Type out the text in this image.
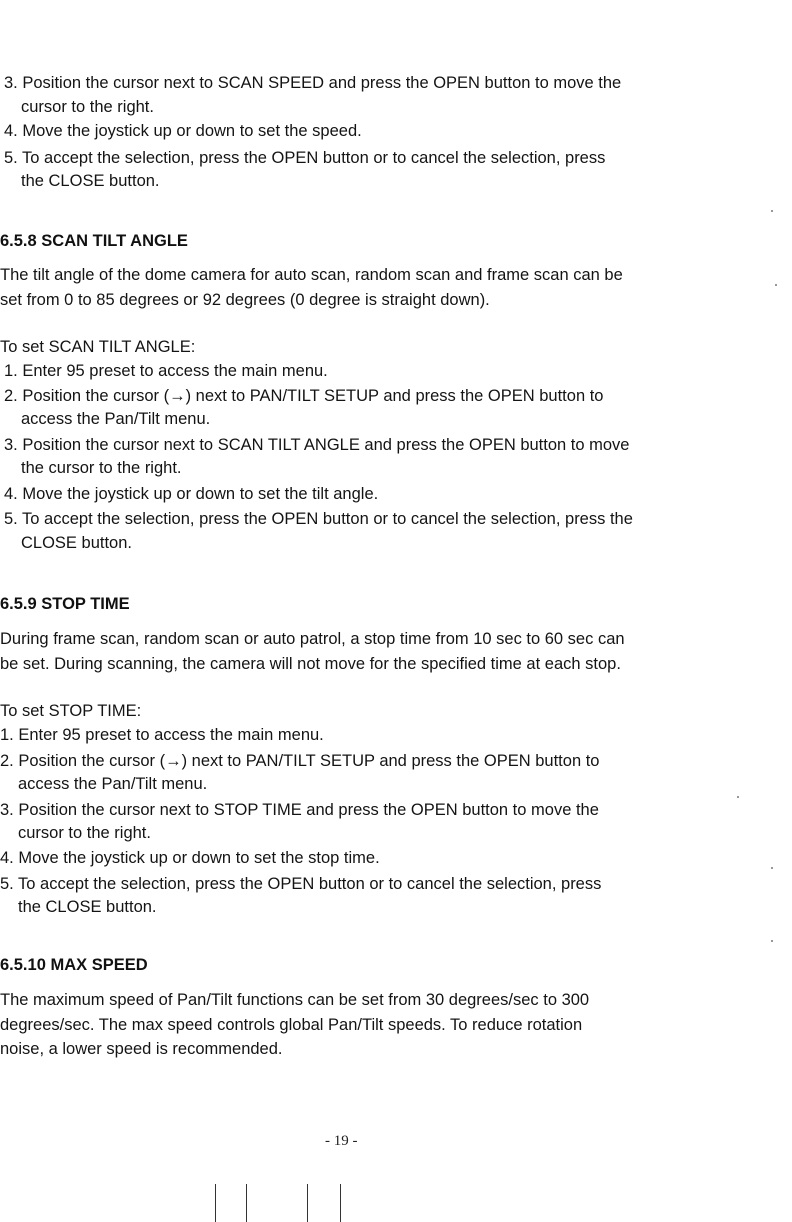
3. Position the cursor next to SCAN SPEED and press the OPEN button to move the
cursor to the right.
4. Move the joystick up or down to set the speed.
5. To accept the selection, press the OPEN button or to cancel the selection, press
the CLOSE button.
6.5.8 SCAN TILT ANGLE
The tilt angle of the dome camera for auto scan, random scan and frame scan can be
set from 0 to 85 degrees or 92 degrees (0 degree is straight down).
To set SCAN TILT ANGLE:
1. Enter 95 preset to access the main menu.
2. Position the cursor (→) next to PAN/TILT SETUP and press the OPEN button to
access the Pan/Tilt menu.
3. Position the cursor next to SCAN TILT ANGLE and press the OPEN button to move
the cursor to the right.
4. Move the joystick up or down to set the tilt angle.
5. To accept the selection, press the OPEN button or to cancel the selection, press the
CLOSE button.
6.5.9 STOP TIME
During frame scan, random scan or auto patrol, a stop time from 10 sec to 60 sec can
be set. During scanning, the camera will not move for the specified time at each stop.
To set STOP TIME:
1. Enter 95 preset to access the main menu.
2. Position the cursor (→) next to PAN/TILT SETUP and press the OPEN button to
access the Pan/Tilt menu.
3. Position the cursor next to STOP TIME and press the OPEN button to move the
cursor to the right.
4. Move the joystick up or down to set the stop time.
5. To accept the selection, press the OPEN button or to cancel the selection, press
the CLOSE button.
6.5.10 MAX SPEED
The maximum speed of Pan/Tilt functions can be set from 30 degrees/sec to 300
degrees/sec. The max speed controls global Pan/Tilt speeds. To reduce rotation
noise, a lower speed is recommended.
- 19 -
